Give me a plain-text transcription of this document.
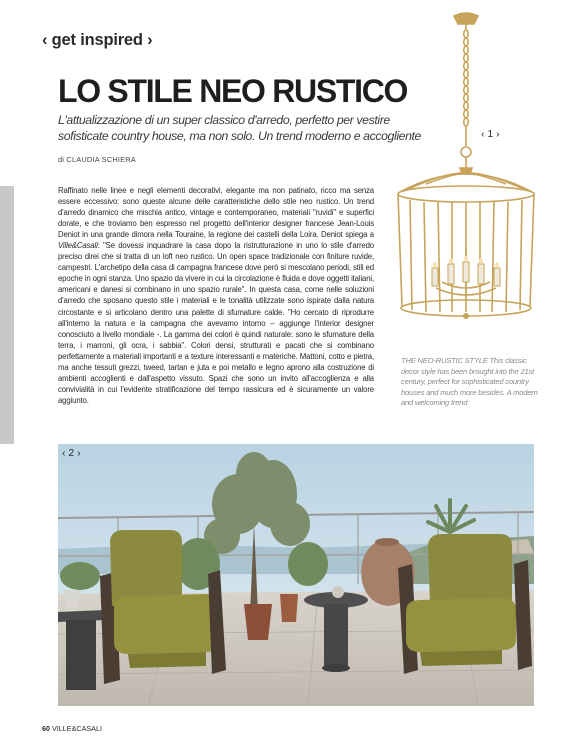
‹ get inspired ›
LO STILE NEO RUSTICO

L'attualizzazione di un super classico d'arredo, perfetto per vestire sofisticate country house, ma non solo. Un trend moderno e accogliente

di CLAUDIA SCHIERA

Raffinato nelle linee e negli elementi decorativi, elegante ma non patinato, ricco ma senza essere eccessivo: sono queste alcune delle caratteristiche dello stile neo rustico. Un trend d'arredo dinamico che mischia antico, vintage e contemporaneo, materiali "ruvidi" e superfici dorate, e che troviamo ben espresso nel progetto dell'interior designer francese Jean-Louis Deniot in una grande dimora nella Touraine, la regione dei castelli della Loira. Deniot spiega a Ville&Casali: "Se dovessi inquadrare la casa dopo la ristrutturazione in uno lo stile d'arredo preciso direi che si tratta di un loft neo rustico. Un open space tradizionale con finiture ruvide, campestri. L'archetipo della casa di campagna francese dove però si mescolano periodi, stili ed epoche in ogni stanza. Uno spazio da vivere in cui la circolazione è fluida e dove oggetti italiani, americani e danesi si combinano in uno spazio rurale". In questa casa, come nelle soluzioni d'arredo che sposano questo stile i materiali e le tonalità utilizzate sono ispirate dalla natura circostante e si articolano dentro una palette di sfumature calde. "Ho cercato di riprodurre all'interno la natura e la campagna che avevamo intorno – aggiunge l'interior designer conosciuto a livello mondiale -. La gamma dei colori è quindi naturale: sono le sfumature della terra, i marroni, gli ocra, i sabbia". Colori densi, strutturati e pacati che si combinano perfettamente a materiali importanti e a texture interessanti e materiche. Mattoni, cotto e pietra, ma anche tessuti grezzi, tweed, tartan e juta e poi metallo e legno aprono alla costruzione di ambienti accoglienti e dall'aspetto vissuto. Spazi che sono un invito all'accoglienza e alla convivialità in cui l'evidente stratificazione del tempo rassicura ed è sicuramente un valore aggiunto.

‹ 1 ›

THE NEO-RUSTIC STYLE This classic decor style has been brought into the 21st century, perfect for sophisticated country houses and much more besides. A modern and welcoming trend

‹ 2 ›
60 VILLE&CASALI
